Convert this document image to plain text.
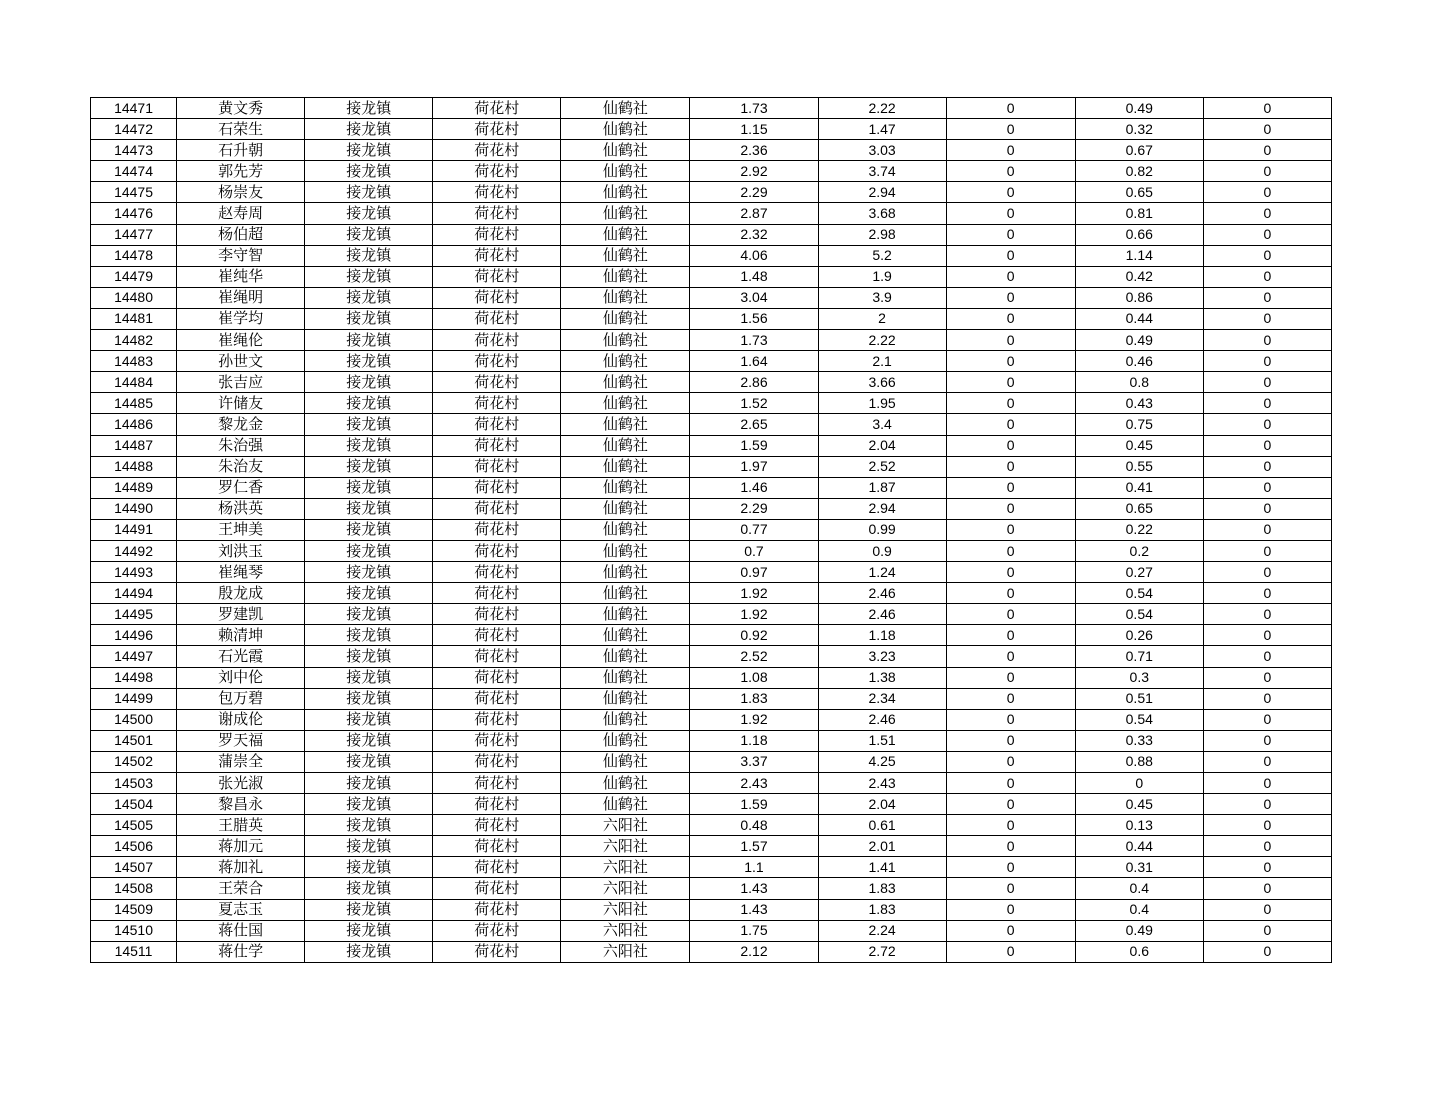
14471	黄文秀	接龙镇	荷花村	仙鹤社	1.73	2.22	0	0.49	0
14472	石荣生	接龙镇	荷花村	仙鹤社	1.15	1.47	0	0.32	0
14473	石升朝	接龙镇	荷花村	仙鹤社	2.36	3.03	0	0.67	0
14474	郭先芳	接龙镇	荷花村	仙鹤社	2.92	3.74	0	0.82	0
14475	杨崇友	接龙镇	荷花村	仙鹤社	2.29	2.94	0	0.65	0
14476	赵寿周	接龙镇	荷花村	仙鹤社	2.87	3.68	0	0.81	0
14477	杨伯超	接龙镇	荷花村	仙鹤社	2.32	2.98	0	0.66	0
14478	李守智	接龙镇	荷花村	仙鹤社	4.06	5.2	0	1.14	0
14479	崔纯华	接龙镇	荷花村	仙鹤社	1.48	1.9	0	0.42	0
14480	崔绳明	接龙镇	荷花村	仙鹤社	3.04	3.9	0	0.86	0
14481	崔学均	接龙镇	荷花村	仙鹤社	1.56	2	0	0.44	0
14482	崔绳伦	接龙镇	荷花村	仙鹤社	1.73	2.22	0	0.49	0
14483	孙世文	接龙镇	荷花村	仙鹤社	1.64	2.1	0	0.46	0
14484	张吉应	接龙镇	荷花村	仙鹤社	2.86	3.66	0	0.8	0
14485	许储友	接龙镇	荷花村	仙鹤社	1.52	1.95	0	0.43	0
14486	黎龙金	接龙镇	荷花村	仙鹤社	2.65	3.4	0	0.75	0
14487	朱治强	接龙镇	荷花村	仙鹤社	1.59	2.04	0	0.45	0
14488	朱治友	接龙镇	荷花村	仙鹤社	1.97	2.52	0	0.55	0
14489	罗仁香	接龙镇	荷花村	仙鹤社	1.46	1.87	0	0.41	0
14490	杨洪英	接龙镇	荷花村	仙鹤社	2.29	2.94	0	0.65	0
14491	王坤美	接龙镇	荷花村	仙鹤社	0.77	0.99	0	0.22	0
14492	刘洪玉	接龙镇	荷花村	仙鹤社	0.7	0.9	0	0.2	0
14493	崔绳琴	接龙镇	荷花村	仙鹤社	0.97	1.24	0	0.27	0
14494	殷龙成	接龙镇	荷花村	仙鹤社	1.92	2.46	0	0.54	0
14495	罗建凯	接龙镇	荷花村	仙鹤社	1.92	2.46	0	0.54	0
14496	赖清坤	接龙镇	荷花村	仙鹤社	0.92	1.18	0	0.26	0
14497	石光霞	接龙镇	荷花村	仙鹤社	2.52	3.23	0	0.71	0
14498	刘中伦	接龙镇	荷花村	仙鹤社	1.08	1.38	0	0.3	0
14499	包万碧	接龙镇	荷花村	仙鹤社	1.83	2.34	0	0.51	0
14500	谢成伦	接龙镇	荷花村	仙鹤社	1.92	2.46	0	0.54	0
14501	罗天福	接龙镇	荷花村	仙鹤社	1.18	1.51	0	0.33	0
14502	蒲崇全	接龙镇	荷花村	仙鹤社	3.37	4.25	0	0.88	0
14503	张光淑	接龙镇	荷花村	仙鹤社	2.43	2.43	0	0	0
14504	黎昌永	接龙镇	荷花村	仙鹤社	1.59	2.04	0	0.45	0
14505	王腊英	接龙镇	荷花村	六阳社	0.48	0.61	0	0.13	0
14506	蒋加元	接龙镇	荷花村	六阳社	1.57	2.01	0	0.44	0
14507	蒋加礼	接龙镇	荷花村	六阳社	1.1	1.41	0	0.31	0
14508	王荣合	接龙镇	荷花村	六阳社	1.43	1.83	0	0.4	0
14509	夏志玉	接龙镇	荷花村	六阳社	1.43	1.83	0	0.4	0
14510	蒋仕国	接龙镇	荷花村	六阳社	1.75	2.24	0	0.49	0
14511	蒋仕学	接龙镇	荷花村	六阳社	2.12	2.72	0	0.6	0
